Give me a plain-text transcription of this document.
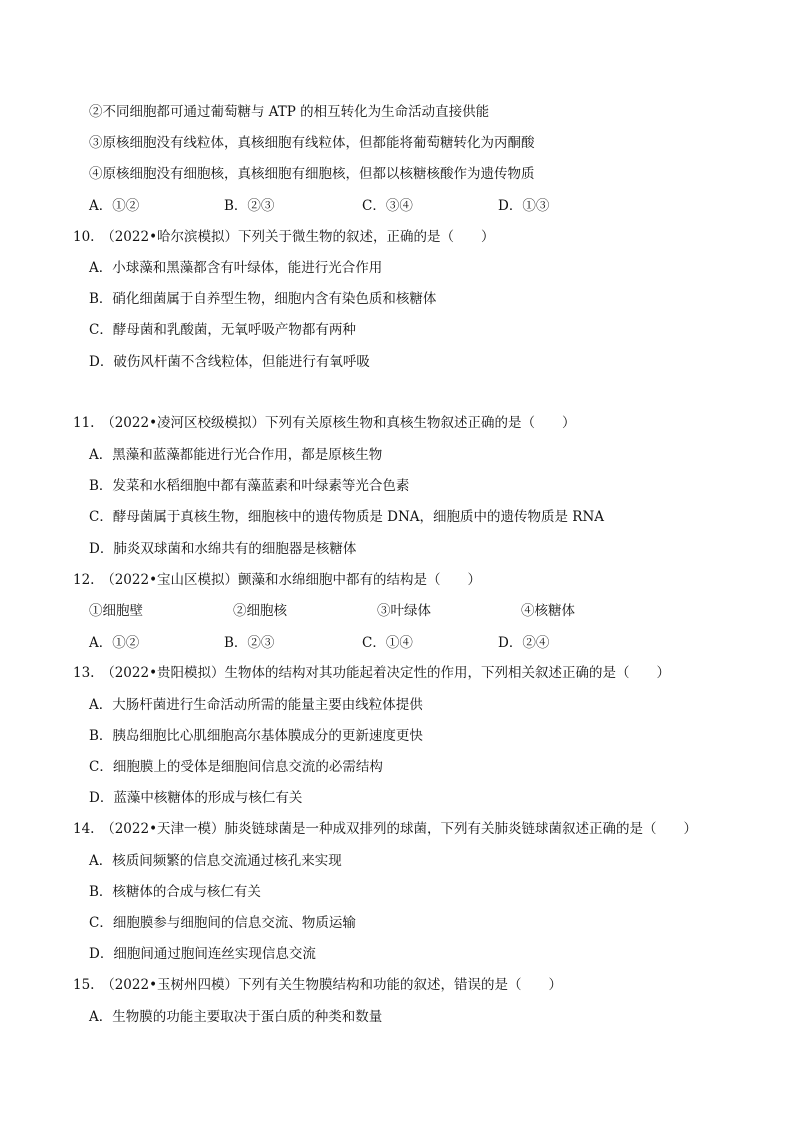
②不同细胞都可通过葡萄糖与 ATP 的相互转化为生命活动直接供能
③原核细胞没有线粒体，真核细胞有线粒体，但都能将葡萄糖转化为丙酮酸
④原核细胞没有细胞核，真核细胞有细胞核，但都以核糖核酸作为遗传物质
A．①②	B．②③	C．③④	D．①③
10.　（2022•哈尔滨模拟）下列关于微生物的叙述，正确的是（　　）
A．小球藻和黑藻都含有叶绿体，能进行光合作用
B．硝化细菌属于自养型生物，细胞内含有染色质和核糖体
C．酵母菌和乳酸菌，无氧呼吸产物都有两种
D．破伤风杆菌不含线粒体，但能进行有氧呼吸
11.　（2022•凌河区校级模拟）下列有关原核生物和真核生物叙述正确的是（　　）
A．黑藻和蓝藻都能进行光合作用，都是原核生物
B．发菜和水稻细胞中都有藻蓝素和叶绿素等光合色素
C．酵母菌属于真核生物，细胞核中的遗传物质是 DNA，细胞质中的遗传物质是 RNA
D．肺炎双球菌和水绵共有的细胞器是核糖体
12.　（2022•宝山区模拟）颤藻和水绵细胞中都有的结构是（　　）
①细胞壁	②细胞核	③叶绿体	④核糖体
A．①②	B．②③	C．①④	D．②④
13.　（2022•贵阳模拟）生物体的结构对其功能起着决定性的作用，下列相关叙述正确的是（　　）
A．大肠杆菌进行生命活动所需的能量主要由线粒体提供
B．胰岛细胞比心肌细胞高尔基体膜成分的更新速度更快
C．细胞膜上的受体是细胞间信息交流的必需结构
D．蓝藻中核糖体的形成与核仁有关
14.　（2022•天津一模）肺炎链球菌是一种成双排列的球菌，下列有关肺炎链球菌叙述正确的是（　　）
A．核质间频繁的信息交流通过核孔来实现
B．核糖体的合成与核仁有关
C．细胞膜参与细胞间的信息交流、物质运输
D．细胞间通过胞间连丝实现信息交流
15.　（2022•玉树州四模）下列有关生物膜结构和功能的叙述，错误的是（　　）
A．生物膜的功能主要取决于蛋白质的种类和数量
